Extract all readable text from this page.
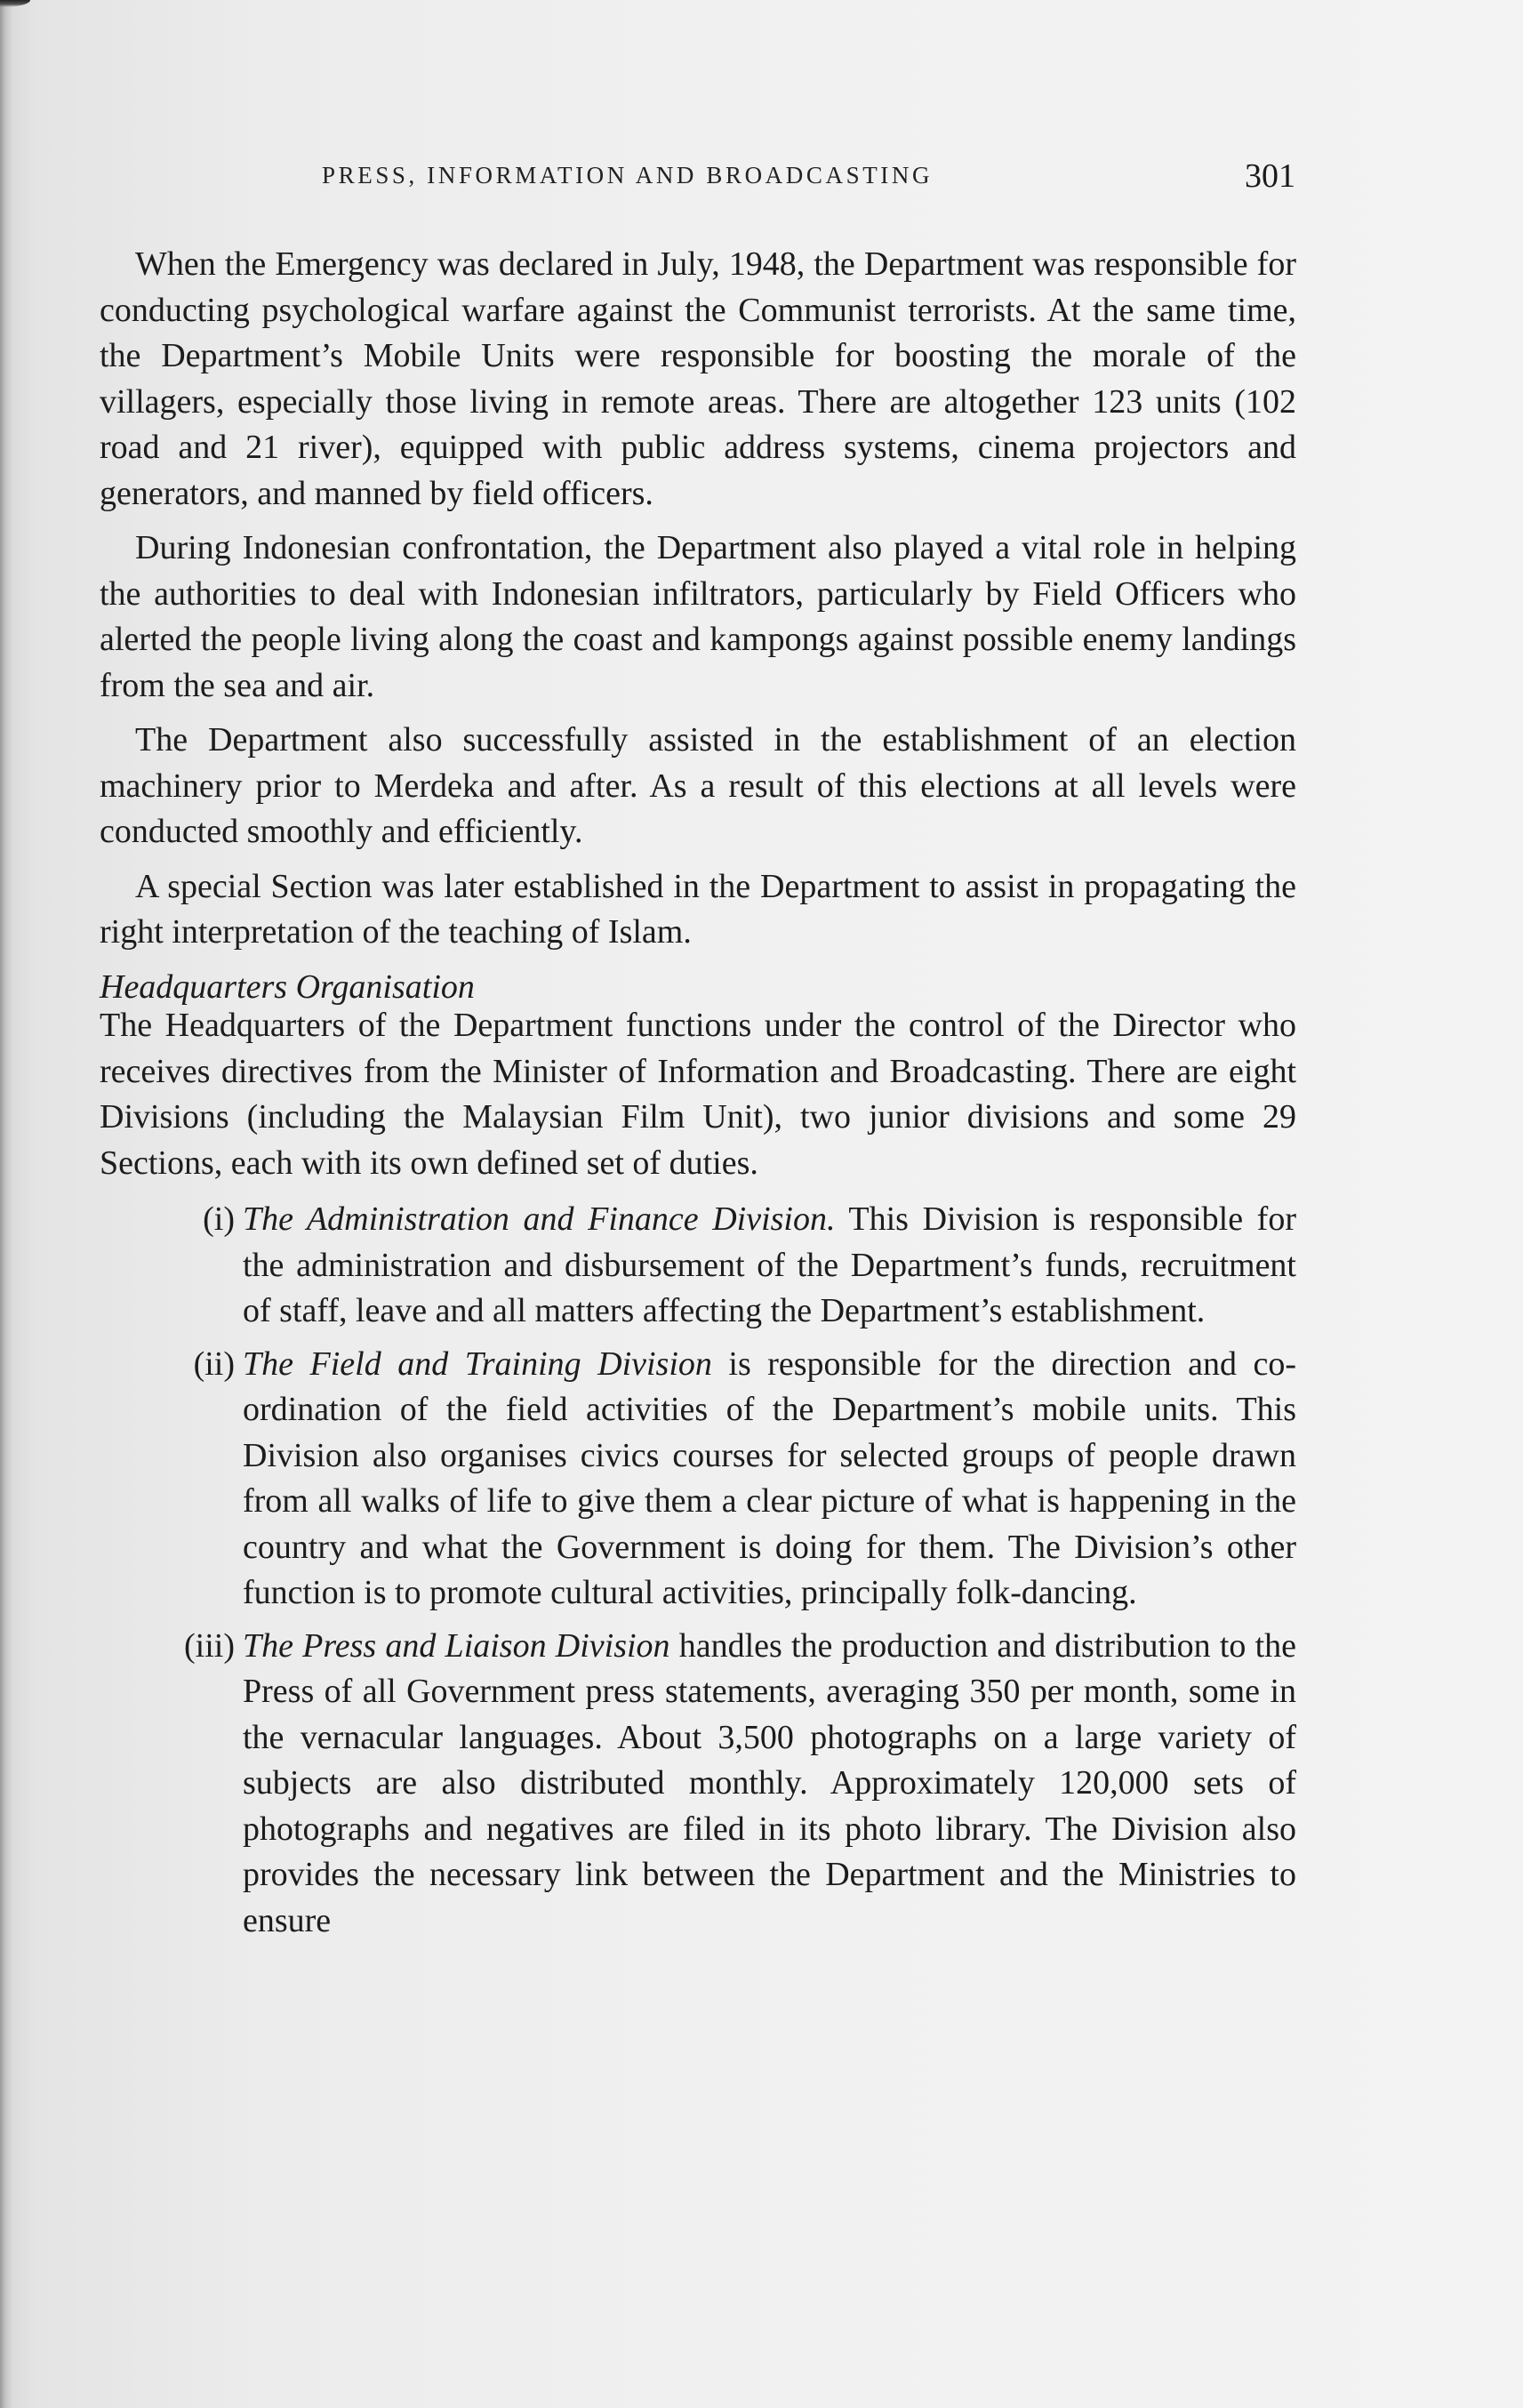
PRESS, INFORMATION AND BROADCASTING	301

When the Emergency was declared in July, 1948, the Department was responsible for conducting psychological warfare against the Communist terrorists. At the same time, the Department’s Mobile Units were responsible for boosting the morale of the villagers, especially those living in remote areas. There are altogether 123 units (102 road and 21 river), equipped with public address systems, cinema projectors and generators, and manned by field officers.

During Indonesian confrontation, the Department also played a vital role in helping the authorities to deal with Indonesian infiltrators, particularly by Field Officers who alerted the people living along the coast and kampongs against possible enemy landings from the sea and air.

The Department also successfully assisted in the establishment of an election machinery prior to Merdeka and after. As a result of this elections at all levels were conducted smoothly and efficiently.

A special Section was later established in the Department to assist in propagating the right interpretation of the teaching of Islam.

Headquarters Organisation

The Headquarters of the Department functions under the control of the Director who receives directives from the Minister of Information and Broadcasting. There are eight Divisions (including the Malaysian Film Unit), two junior divisions and some 29 Sections, each with its own defined set of duties.

(i) The Administration and Finance Division. This Division is responsible for the administration and disbursement of the Department’s funds, recruitment of staff, leave and all matters affecting the Department’s establishment.
(ii) The Field and Training Division is responsible for the direction and co-ordination of the field activities of the Department’s mobile units. This Division also organises civics courses for selected groups of people drawn from all walks of life to give them a clear picture of what is happening in the country and what the Government is doing for them. The Division’s other function is to promote cultural activities, principally folk-dancing.
(iii) The Press and Liaison Division handles the production and distribution to the Press of all Government press statements, averaging 350 per month, some in the vernacular languages. About 3,500 photographs on a large variety of subjects are also distributed monthly. Approximately 120,000 sets of photographs and negatives are filed in its photo library. The Division also provides the necessary link between the Department and the Ministries to ensure
